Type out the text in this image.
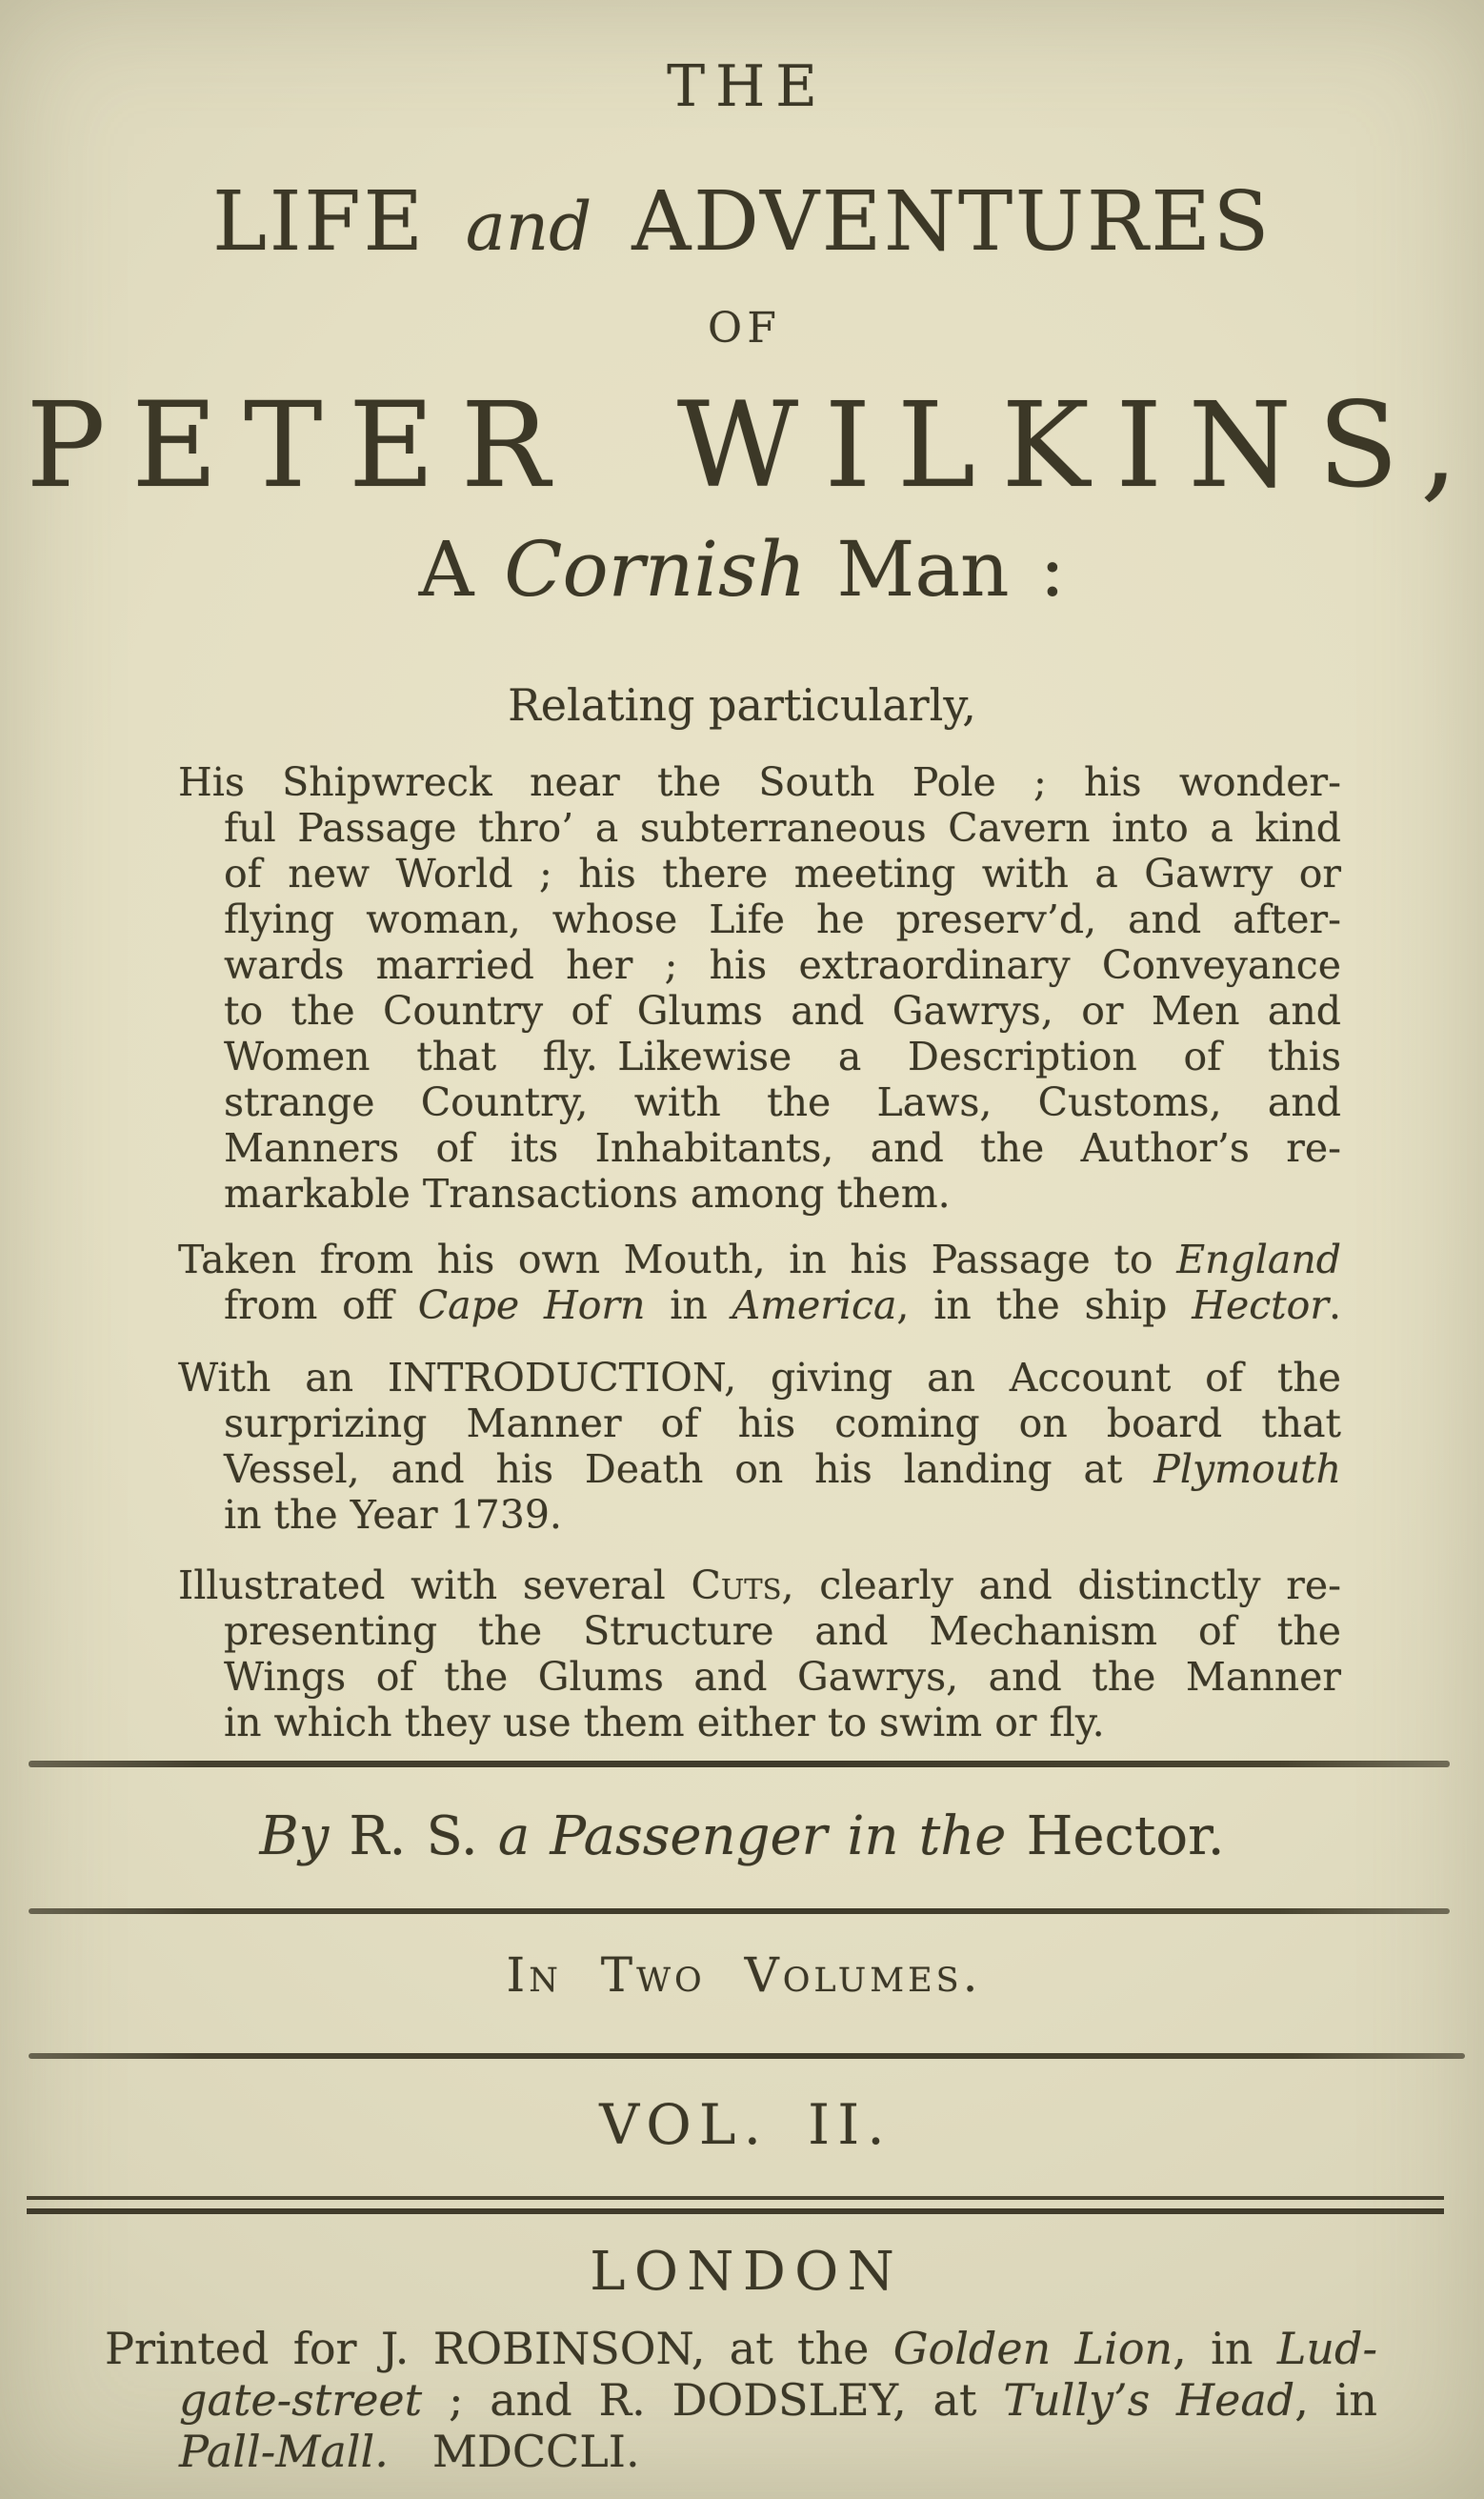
THE
LIFE and ADVENTURES
OF
PETER WILKINS,
A Cornish Man :
Relating particularly,
His Shipwreck near the South Pole ; his wonder-
ful Passage thro’ a subterraneous Cavern into a kind
of new World ; his there meeting with a Gawry or
flying woman, whose Life he preserv’d, and after-
wards married her ; his extraordinary Conveyance
to the Country of Glums and Gawrys, or Men and
Women that fly. Likewise a Description of this
strange Country, with the Laws, Customs, and
Manners of its Inhabitants, and the Author’s re-
markable Transactions among them.
Taken from his own Mouth, in his Passage to England
from off Cape Horn in America, in the ship Hector.
With an INTRODUCTION, giving an Account of the
surprizing Manner of his coming on board that
Vessel, and his Death on his landing at Plymouth
in the Year 1739.
Illustrated with several Cuts, clearly and distinctly re-
presenting the Structure and Mechanism of the
Wings of the Glums and Gawrys, and the Manner
in which they use them either to swim or fly.
By R. S. a Passenger in the Hector.
In Two Volumes.
VOL. II.
LONDON
Printed for J. ROBINSON, at the Golden Lion, in Lud-
gate-street ; and R. DODSLEY, at Tully’s Head, in
Pall-Mall. MDCCLI.
